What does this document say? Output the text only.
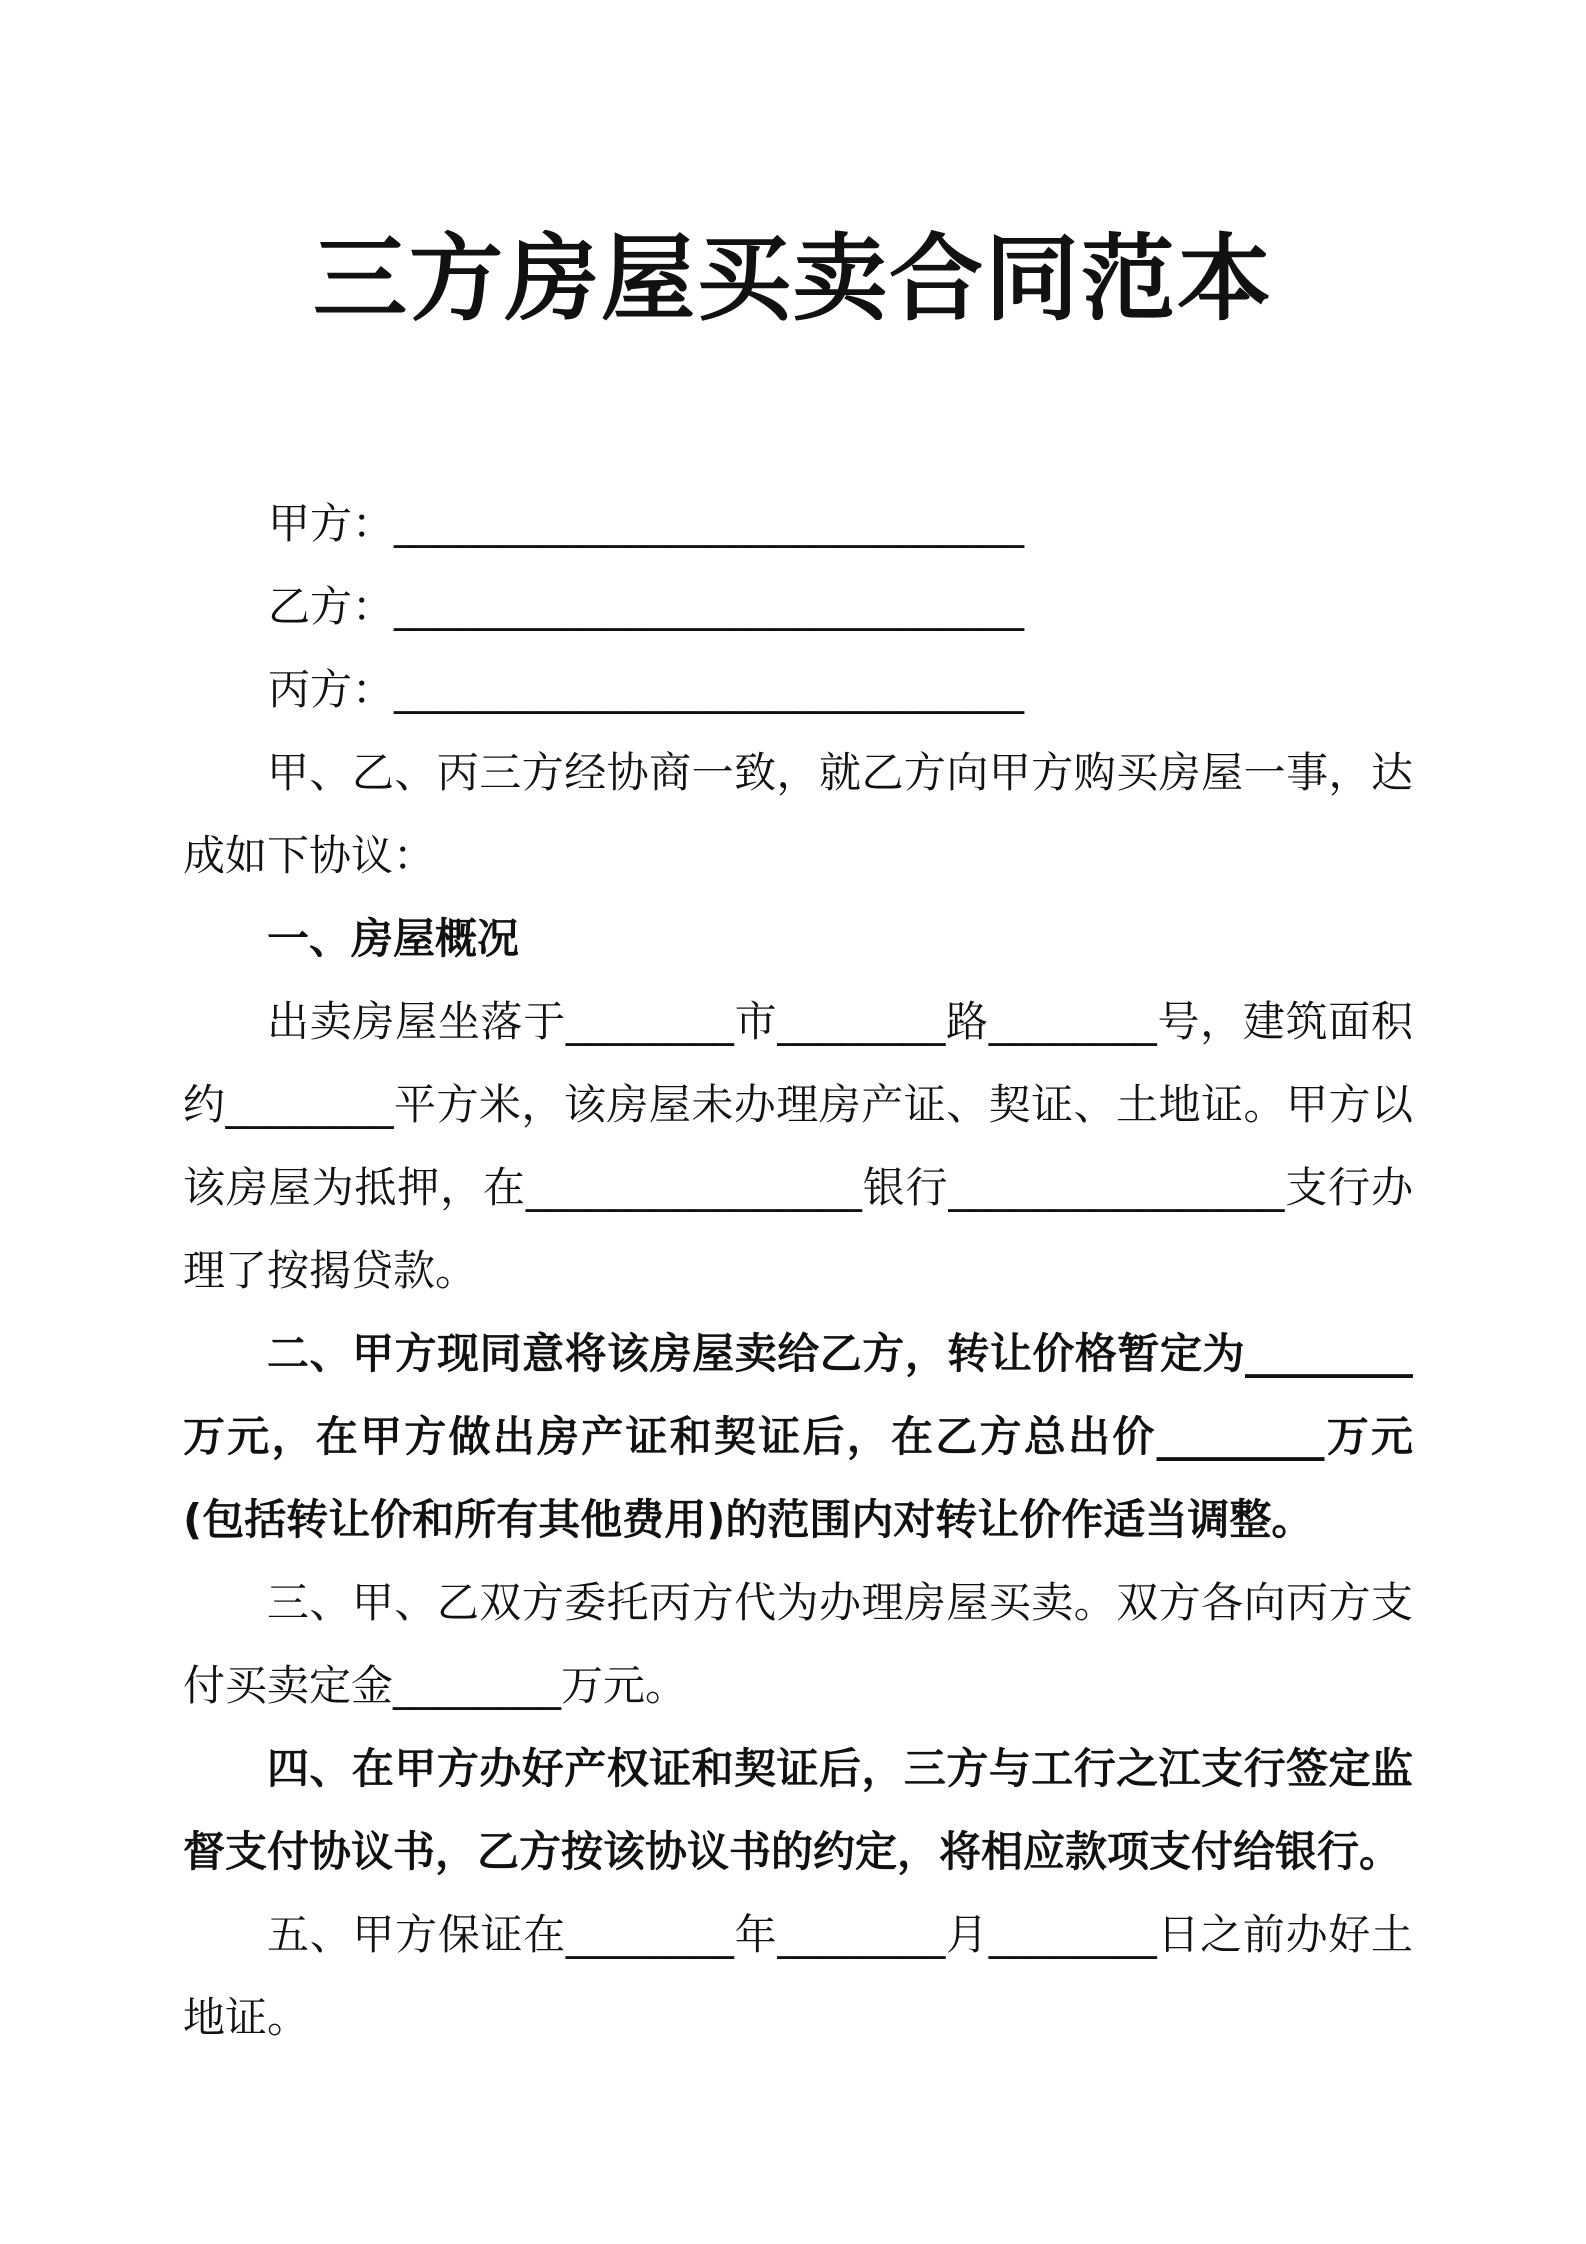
三方房屋买卖合同范本

甲方：______________________________

乙方：______________________________

丙方：______________________________

甲、乙、丙三方经协商一致，就乙方向甲方购买房屋一事，达成如下协议：

一、房屋概况

出卖房屋坐落于________市________路________号，建筑面积约________平方米，该房屋未办理房产证、契证、土地证。甲方以该房屋为抵押，在________________银行________________支行办理了按揭贷款。

二、甲方现同意将该房屋卖给乙方，转让价格暂定为________万元，在甲方做出房产证和契证后，在乙方总出价________万元(包括转让价和所有其他费用)的范围内对转让价作适当调整。

三、甲、乙双方委托丙方代为办理房屋买卖。双方各向丙方支付买卖定金________万元。

四、在甲方办好产权证和契证后，三方与工行之江支行签定监督支付协议书，乙方按该协议书的约定，将相应款项支付给银行。

五、甲方保证在________年________月________日之前办好土地证。
